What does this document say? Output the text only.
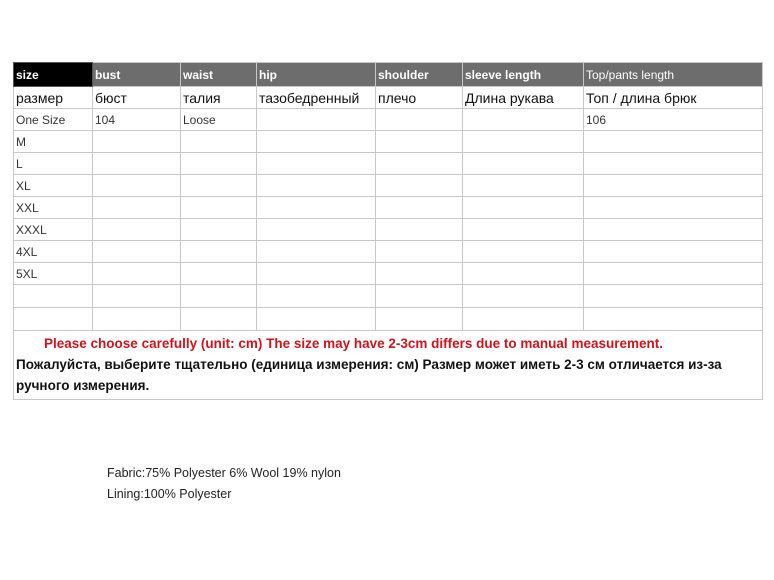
size	bust	waist	hip	shoulder	sleeve length	Top/pants length
размер	бюст	талия	тазобедренный	плечо	Длина рукава	Топ / длина брюк
One Size	104	Loose				106
M						
L						
XL						
XXL						
XXXL						
4XL						
5XL						

Please choose carefully (unit: cm) The size may have 2-3cm differs due to manual measurement.
Пожалуйста, выберите тщательно (единица измерения: см) Размер может иметь 2-3 см отличается из-за ручного измерения.
Fabric:75% Polyester 6% Wool 19% nylon
Lining:100% Polyester
